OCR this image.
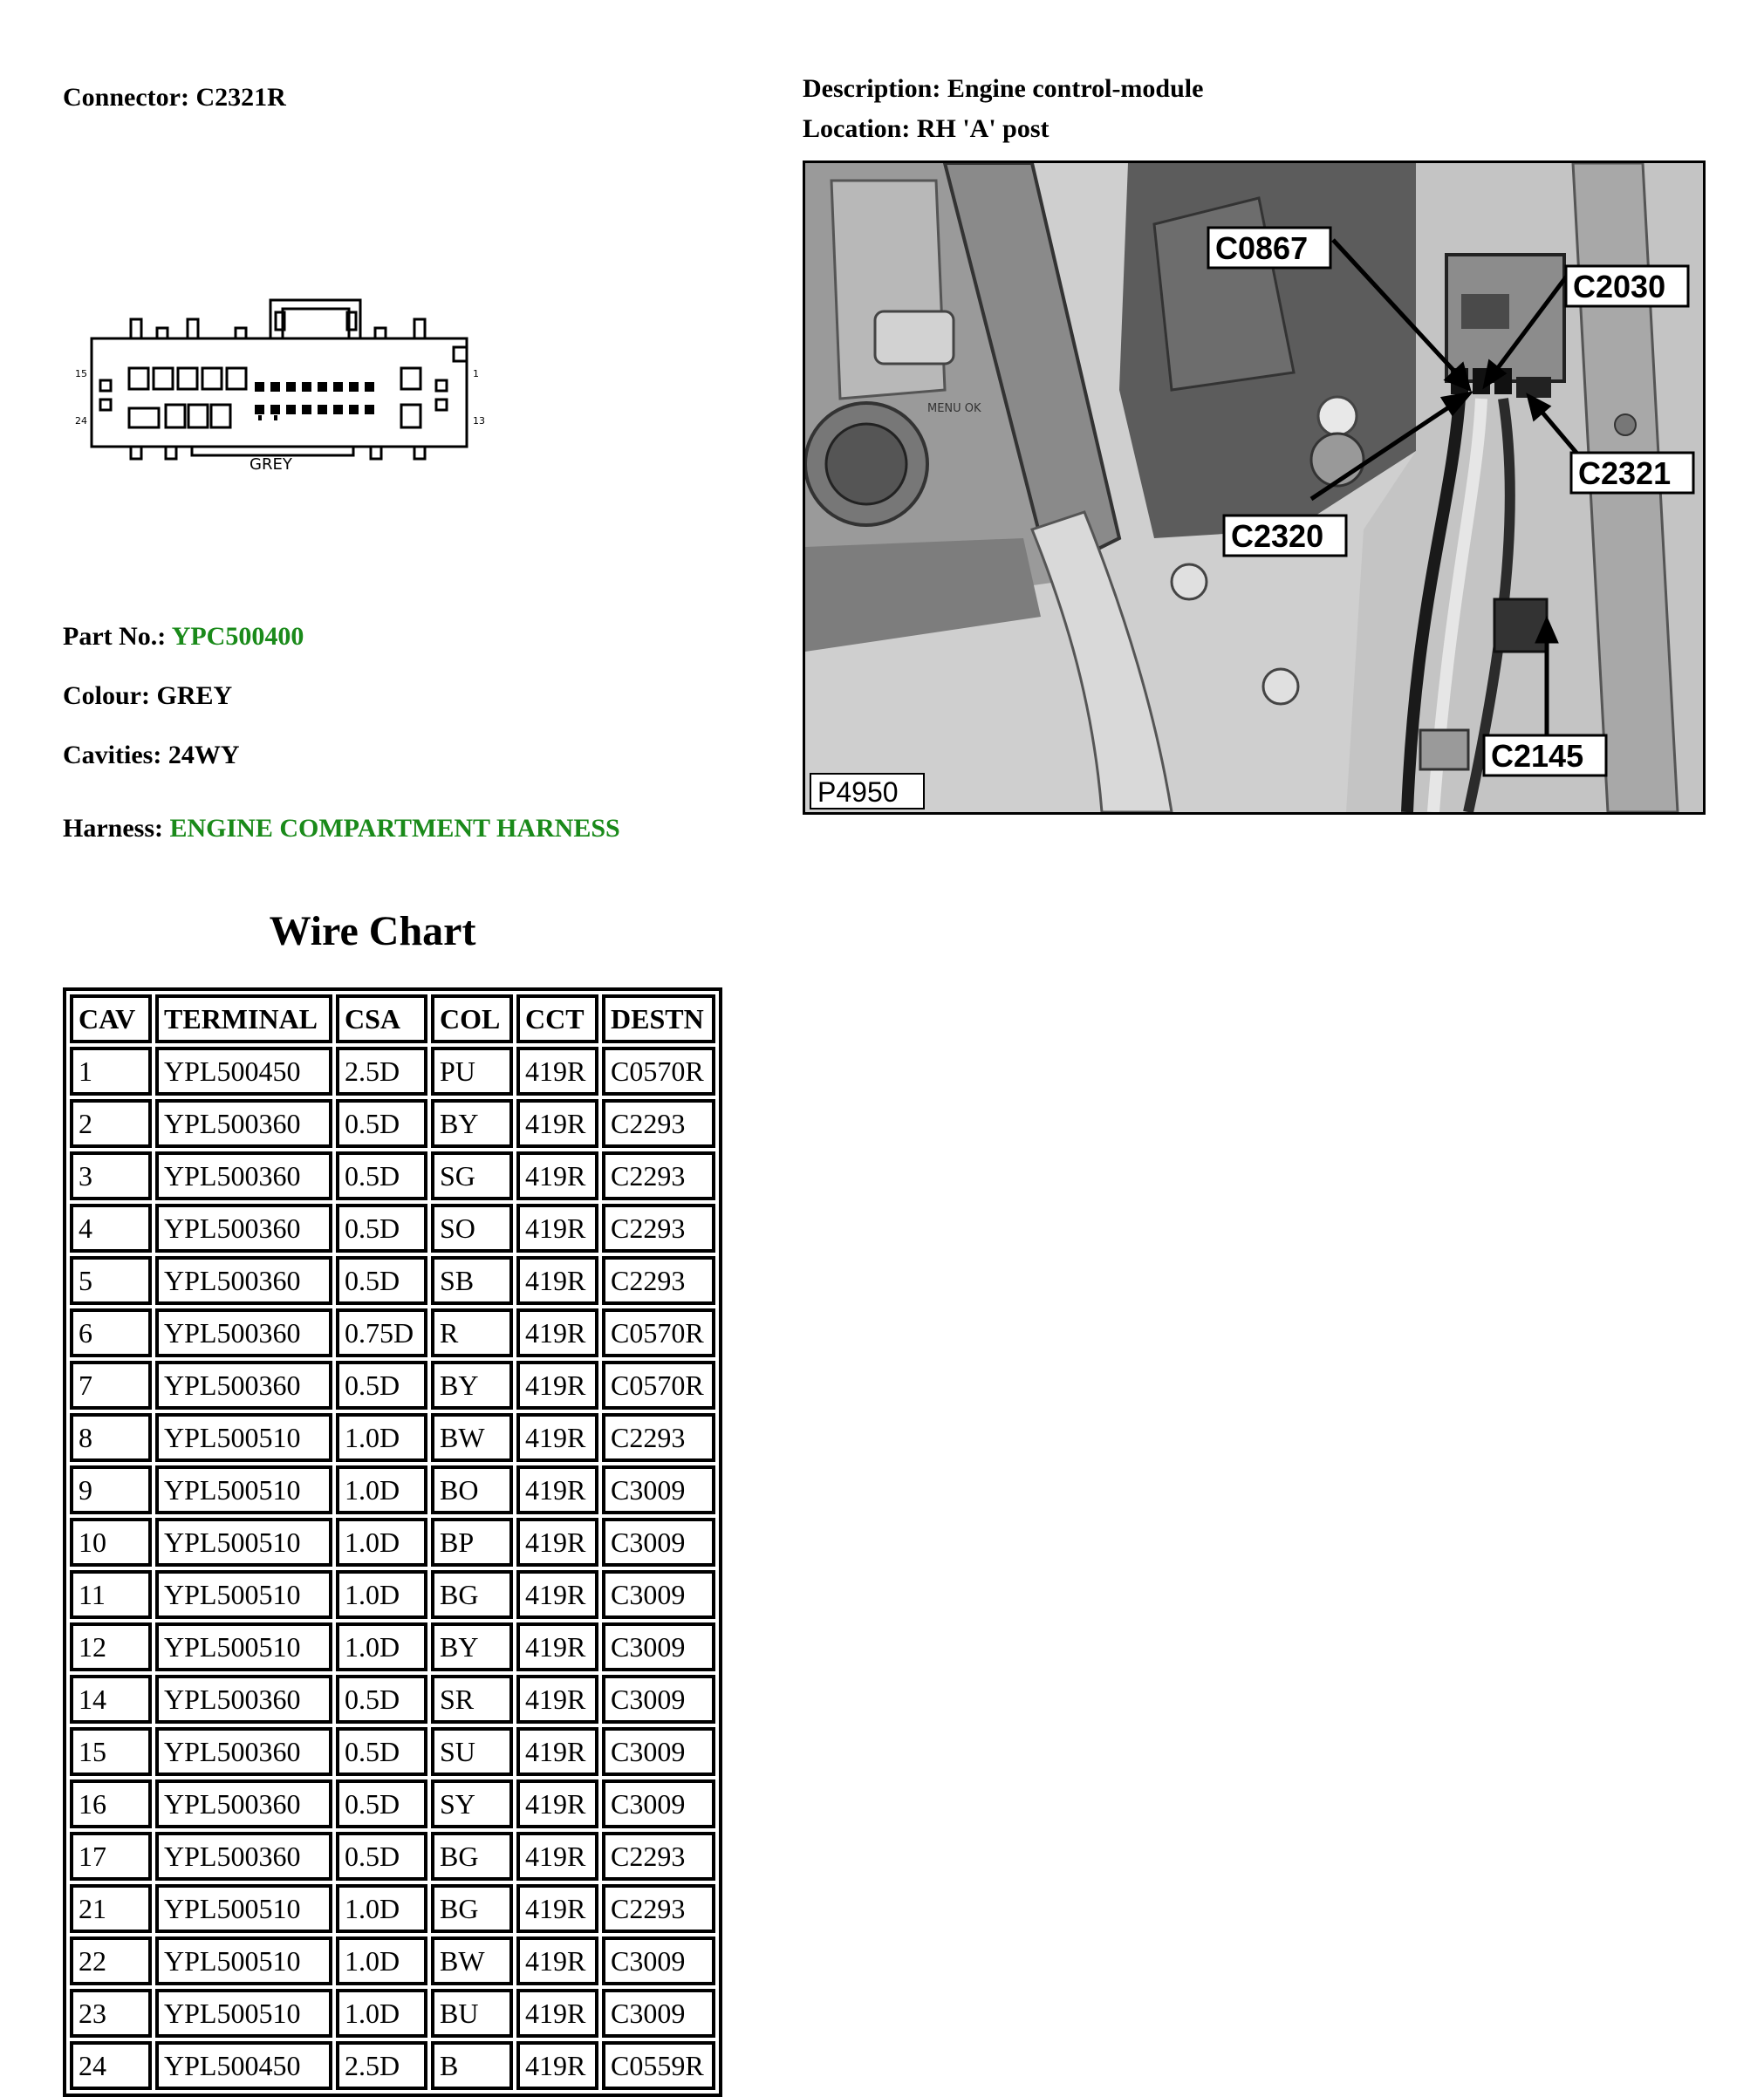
Connector: C2321R	Description: Engine control-module
Location: RH 'A' post
15
24
1
13
GREY
MENU OK
C0867
C2030
C2321
C2320
C2145
P4950
Part No.: YPC500400
Colour: GREY
Cavities: 24WY
Harness: ENGINE COMPARTMENT HARNESS
Wire Chart
CAV	TERMINAL	CSA	COL	CCT	DESTN
1	YPL500450	2.5D	PU	419R	C0570R
2	YPL500360	0.5D	BY	419R	C2293
3	YPL500360	0.5D	SG	419R	C2293
4	YPL500360	0.5D	SO	419R	C2293
5	YPL500360	0.5D	SB	419R	C2293
6	YPL500360	0.75D	R	419R	C0570R
7	YPL500360	0.5D	BY	419R	C0570R
8	YPL500510	1.0D	BW	419R	C2293
9	YPL500510	1.0D	BO	419R	C3009
10	YPL500510	1.0D	BP	419R	C3009
11	YPL500510	1.0D	BG	419R	C3009
12	YPL500510	1.0D	BY	419R	C3009
14	YPL500360	0.5D	SR	419R	C3009
15	YPL500360	0.5D	SU	419R	C3009
16	YPL500360	0.5D	SY	419R	C3009
17	YPL500360	0.5D	BG	419R	C2293
21	YPL500510	1.0D	BG	419R	C2293
22	YPL500510	1.0D	BW	419R	C3009
23	YPL500510	1.0D	BU	419R	C3009
24	YPL500450	2.5D	B	419R	C0559R
